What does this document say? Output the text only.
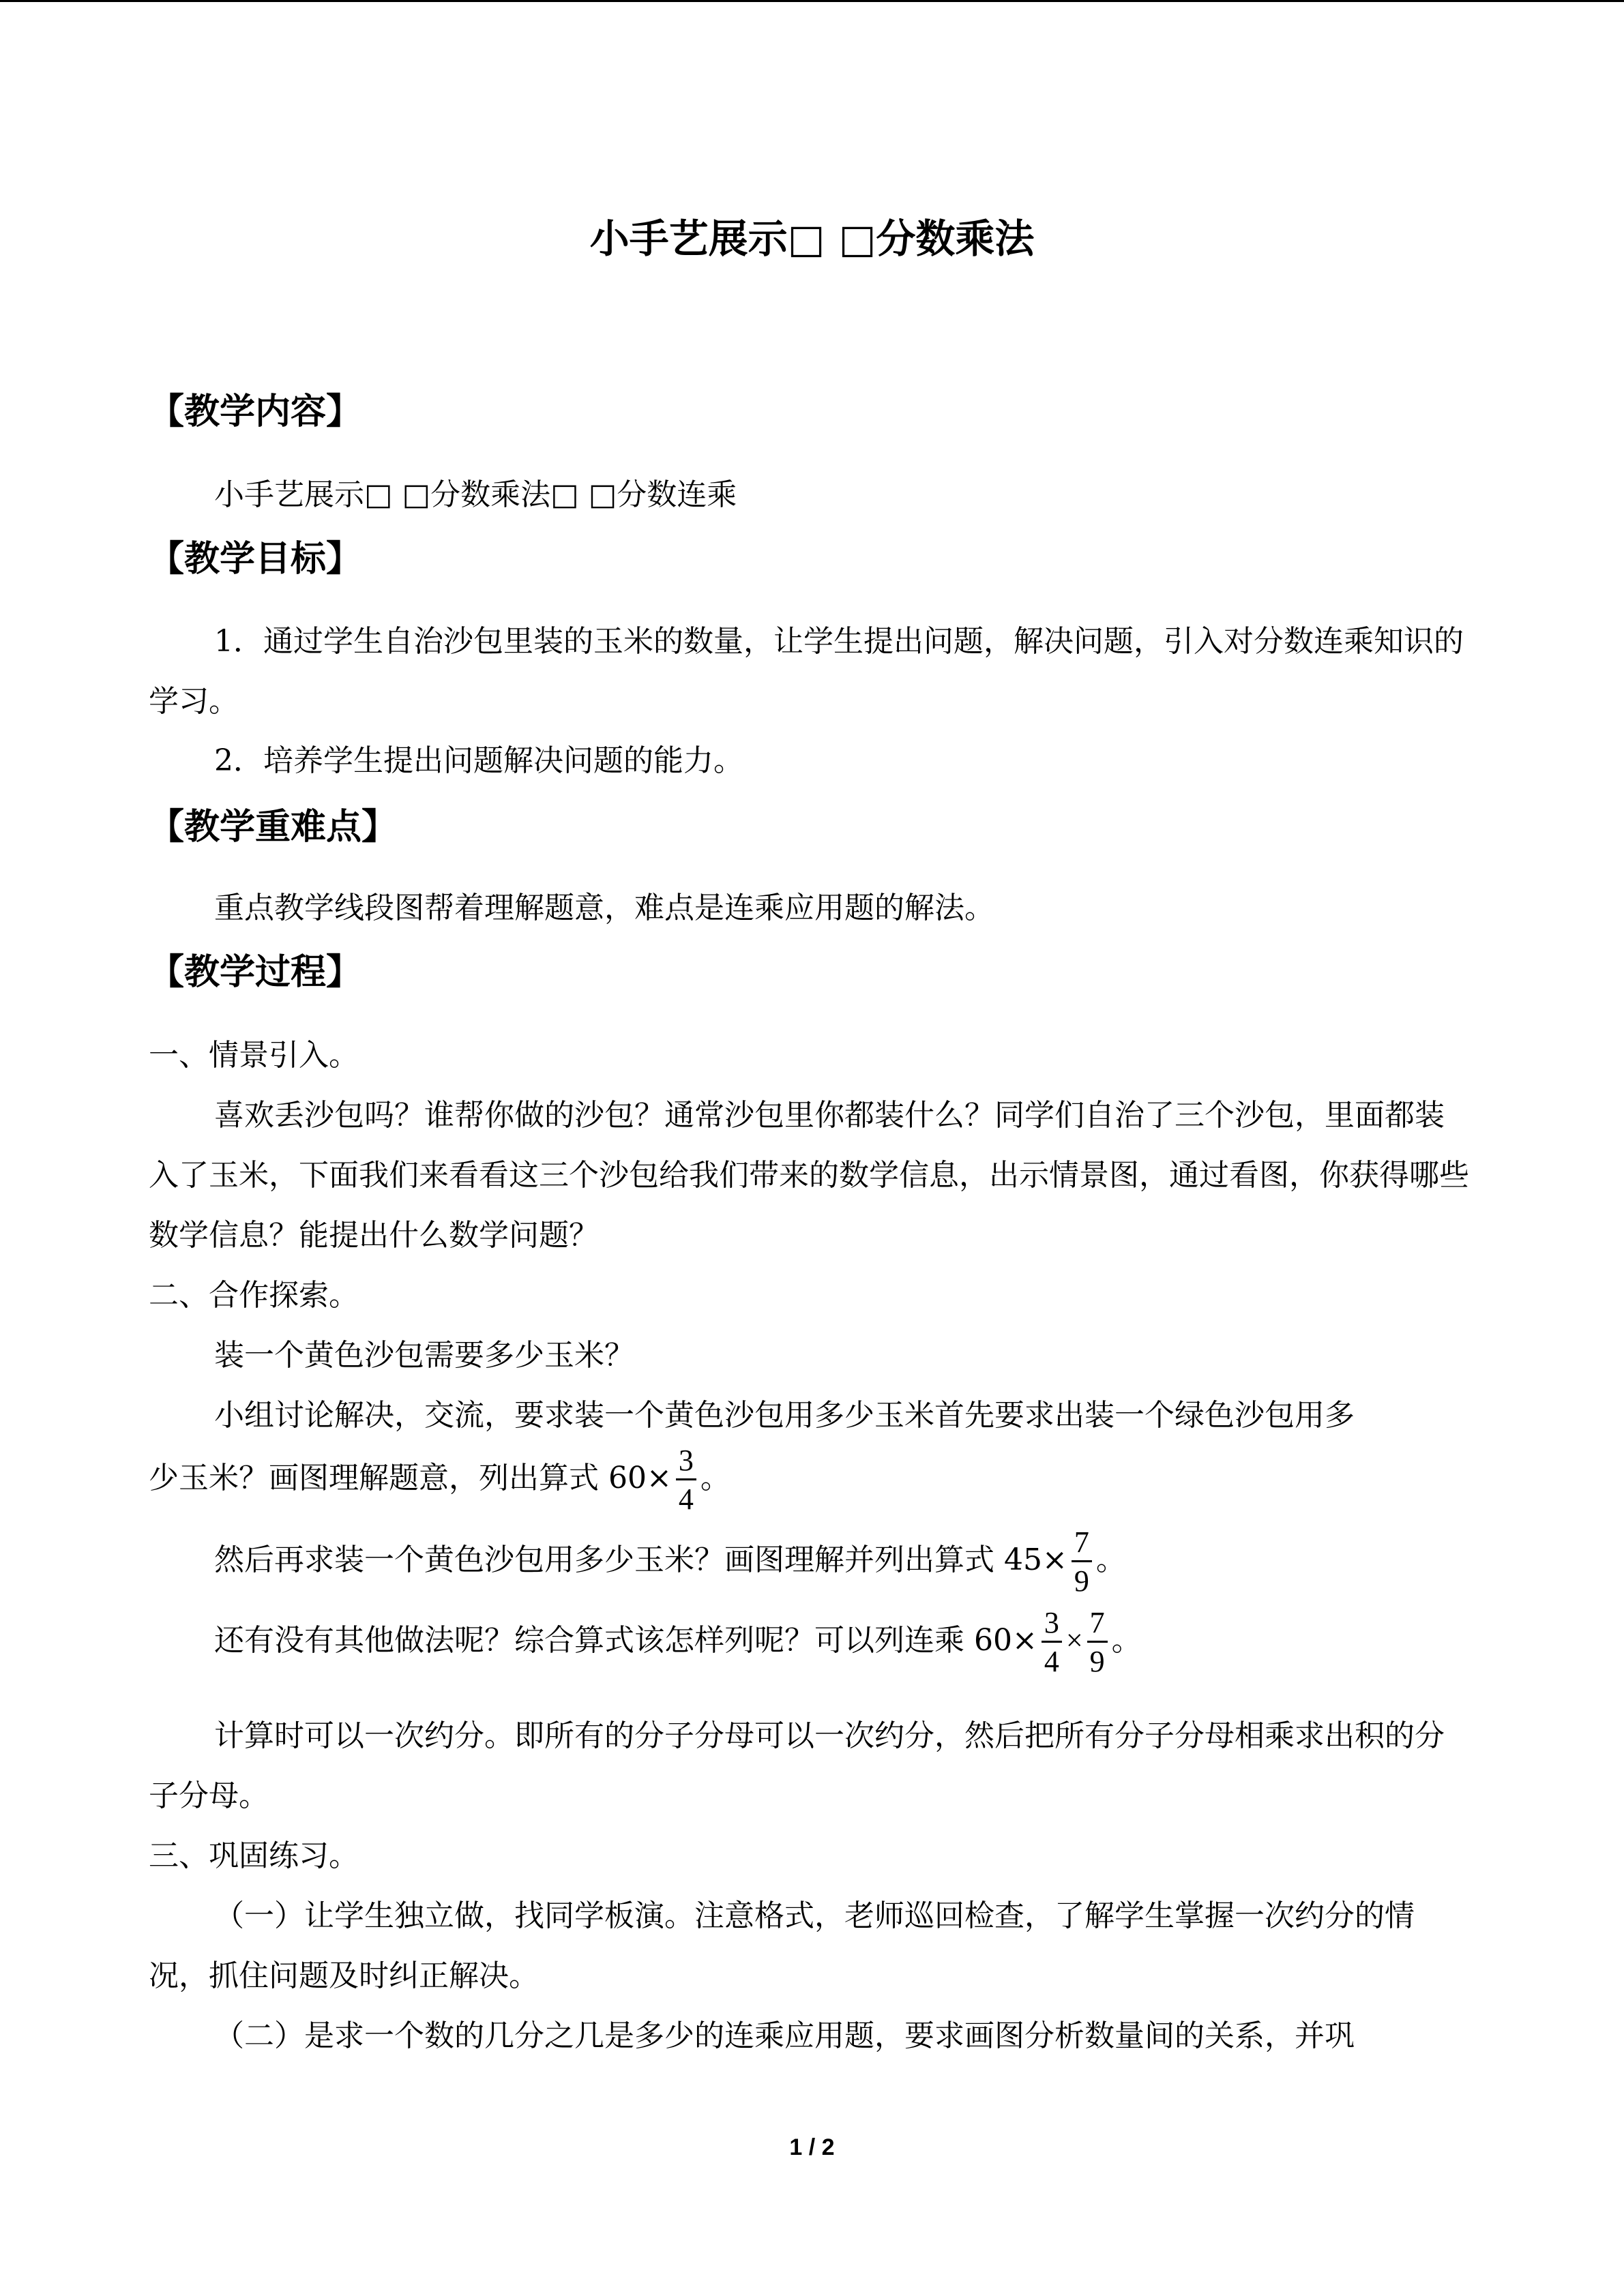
小手艺展示□ □分数乘法
【教学内容】
小手艺展示□ □分数乘法□ □分数连乘
【教学目标】
1．通过学生自治沙包里装的玉米的数量，让学生提出问题，解决问题，引入对分数连乘知识的学习。
2．培养学生提出问题解决问题的能力。
【教学重难点】
重点教学线段图帮着理解题意，难点是连乘应用题的解法。
【教学过程】
一、情景引入。
喜欢丢沙包吗？谁帮你做的沙包？通常沙包里你都装什么？同学们自治了三个沙包，里面都装入了玉米，下面我们来看看这三个沙包给我们带来的数学信息，出示情景图，通过看图，你获得哪些数学信息？能提出什么数学问题？
二、合作探索。
装一个黄色沙包需要多少玉米？
小组讨论解决，交流，要求装一个黄色沙包用多少玉米首先要求出装一个绿色沙包用多
少玉米？画图理解题意，列出算式 $60\times \frac{3}{4}$ 。
然后再求装一个黄色沙包用多少玉米？画图理解并列出算式 $45\times \frac{7}{9}$ 。
还有没有其他做法呢？综合算式该怎样列呢？可以列连乘 $60\times \frac{3}{4} \times \frac{7}{9}$ 。
计算时可以一次约分。即所有的分子分母可以一次约分，然后把所有分子分母相乘求出积的分子分母。
三、巩固练习。
（一）让学生独立做，找同学板演。注意格式，老师巡回检查，了解学生掌握一次约分的情况，抓住问题及时纠正解决。
（二）是求一个数的几分之几是多少的连乘应用题，要求画图分析数量间的关系，并巩
1 / 2
